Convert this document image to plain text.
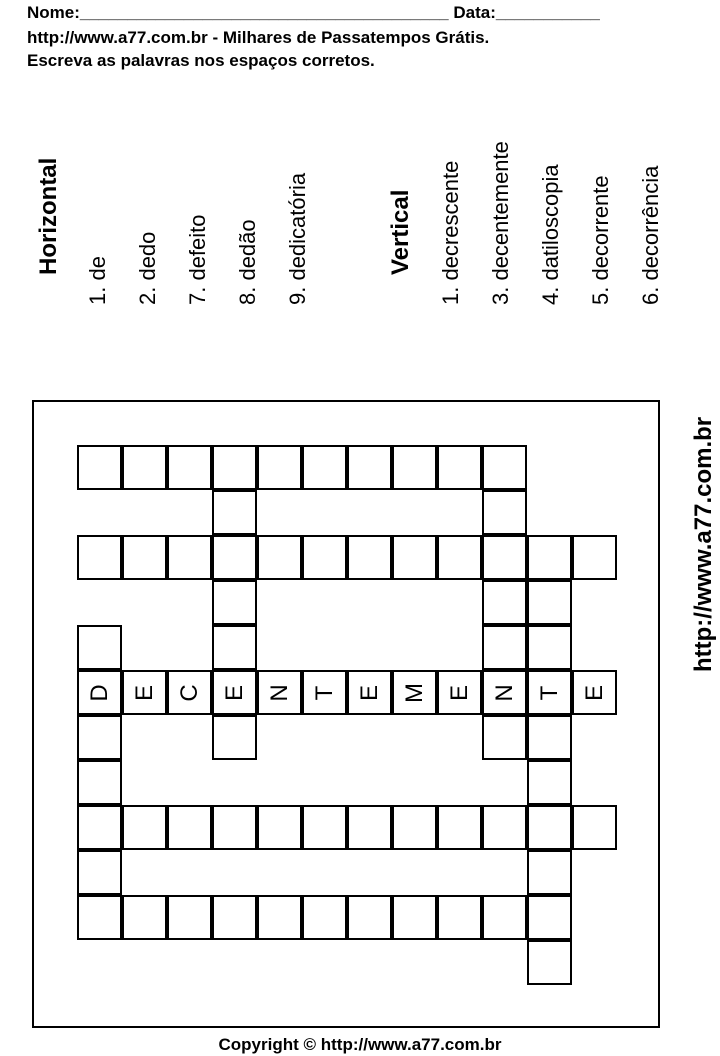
Nome:_______________________________________ Data:___________
http://www.a77.com.br - Milhares de Passatempos Grátis.
Escreva as palavras nos espaços corretos.
Horizontal
1. de 2. dedo 7. defeito 8. dedão 9. dedicatória	Vertical 1. decrescente 3. decentemente 4. datiloscopia 5. decorrente 6. decorrência
http://www.a77.com.br
Copyright © http://www.a77.com.br
D E C E N T E M E N T E
